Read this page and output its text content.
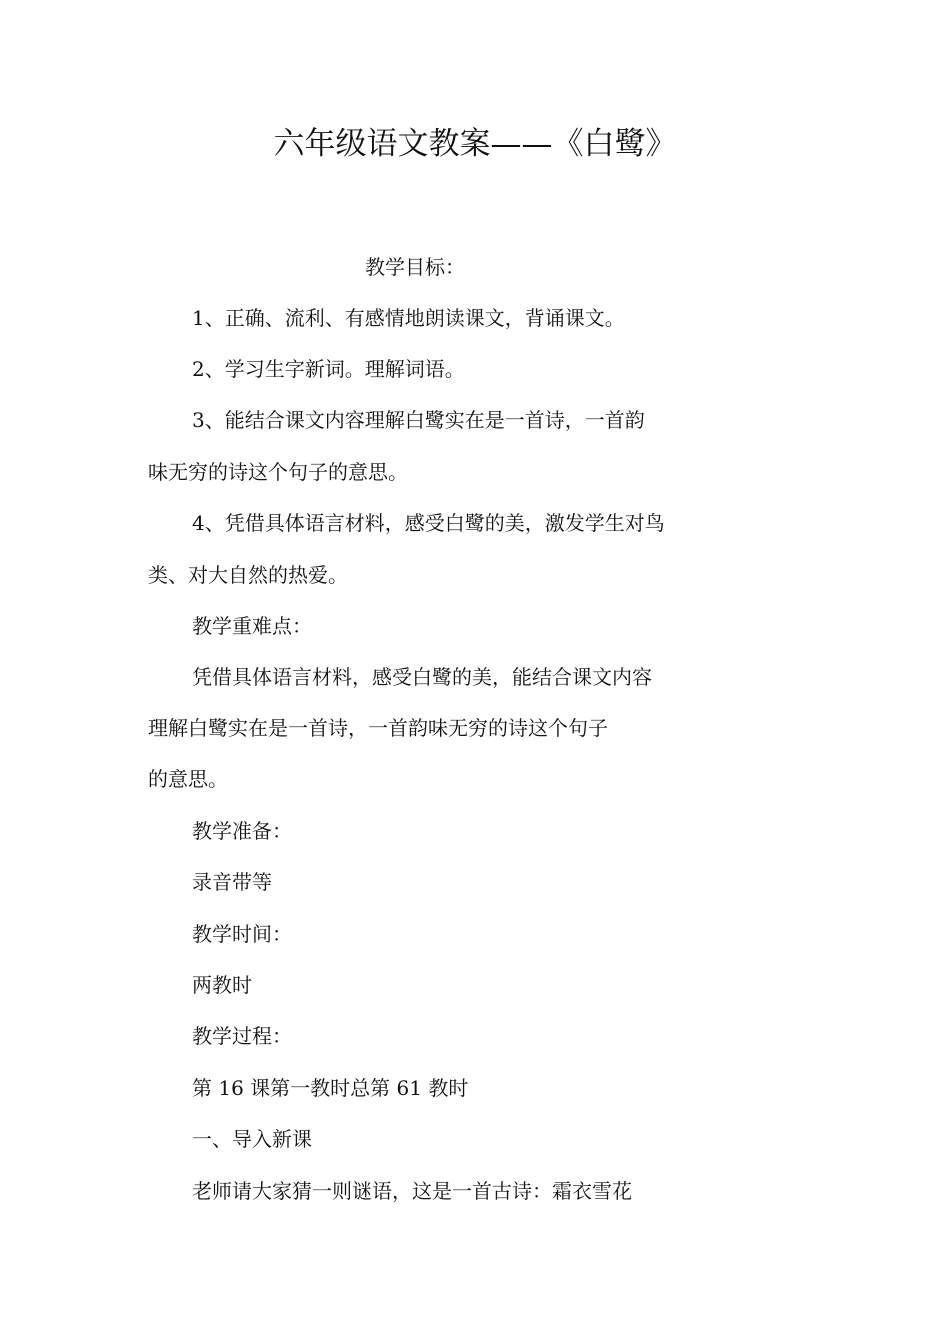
六年级语文教案——《白鹭》
教学目标：
1、正确、流利、有感情地朗读课文，背诵课文。
2、学习生字新词。理解词语。
3、能结合课文内容理解白鹭实在是一首诗，一首韵
味无穷的诗这个句子的意思。
4、凭借具体语言材料，感受白鹭的美，激发学生对鸟
类、对大自然的热爱。
教学重难点：
凭借具体语言材料，感受白鹭的美，能结合课文内容
理解白鹭实在是一首诗，一首韵味无穷的诗这个句子
的意思。
教学准备：
录音带等
教学时间：
两教时
教学过程：
第 16 课第一教时总第 61 教时
一、导入新课
老师请大家猜一则谜语，这是一首古诗：霜衣雪花
